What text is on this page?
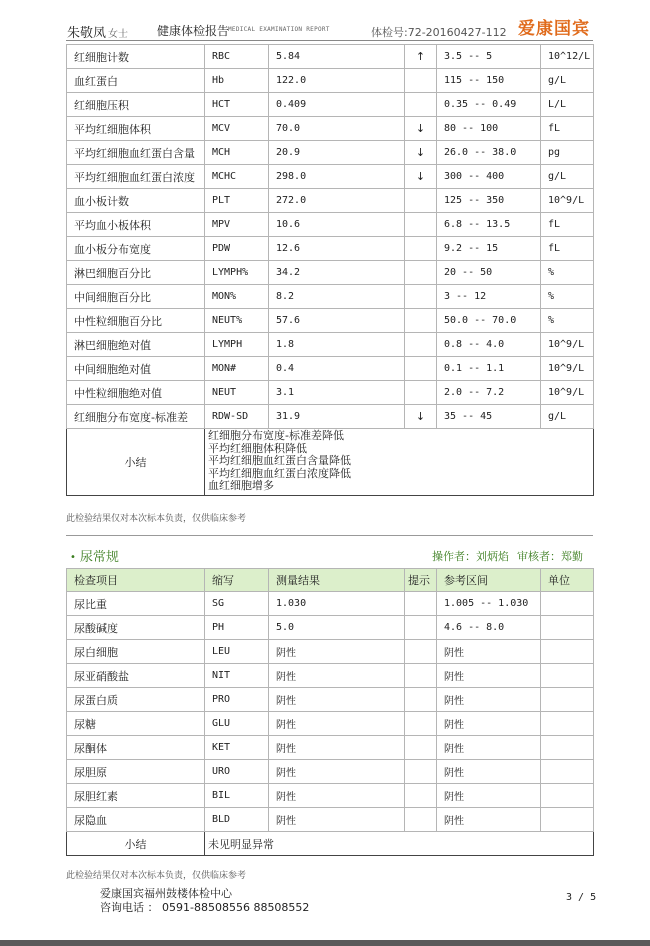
朱敬凤 女士 健康体检报告
MEDICAL EXAMINATION REPORT	体检号:72-20160427-112 爱康国宾
红细胞计数	RBC	5.84	↑	3.5 -- 5	10^12/L
血红蛋白	Hb	122.0		115 -- 150	g/L
红细胞压积	HCT	0.409		0.35 -- 0.49	L/L
平均红细胞体积	MCV	70.0	↓	80 -- 100	fL
平均红细胞血红蛋白含量	MCH	20.9	↓	26.0 -- 38.0	pg
平均红细胞血红蛋白浓度	MCHC	298.0	↓	300 -- 400	g/L
血小板计数	PLT	272.0		125 -- 350	10^9/L
平均血小板体积	MPV	10.6		6.8 -- 13.5	fL
血小板分布宽度	PDW	12.6		9.2 -- 15	fL
淋巴细胞百分比	LYMPH%	34.2		20 -- 50	%
中间细胞百分比	MON%	8.2		3 -- 12	%
中性粒细胞百分比	NEUT%	57.6		50.0 -- 70.0	%
淋巴细胞绝对值	LYMPH	1.8		0.8 -- 4.0	10^9/L
中间细胞绝对值	MON#	0.4		0.1 -- 1.1	10^9/L
中性粒细胞绝对值	NEUT	3.1		2.0 -- 7.2	10^9/L
红细胞分布宽度-标准差	RDW-SD	31.9	↓	35 -- 45	g/L
小结	红细胞分布宽度-标准差降低
平均红细胞体积降低
平均红细胞血红蛋白含量降低
平均红细胞血红蛋白浓度降低
血红细胞增多				
此检验结果仅对本次标本负责，仅供临床参考
• 尿常规	操作者：刘炳焰 审核者：郑勤
检查项目	缩写	测量结果	提示	参考区间	单位
尿比重	SG	1.030		1.005 -- 1.030	
尿酸碱度	PH	5.0		4.6 -- 8.0	
尿白细胞	LEU	阴性		阴性	
尿亚硝酸盐	NIT	阴性		阴性	
尿蛋白质	PRO	阴性		阴性	
尿糖	GLU	阴性		阴性	
尿酮体	KET	阴性		阴性	
尿胆原	URO	阴性		阴性	
尿胆红素	BIL	阴性		阴性	
尿隐血	BLD	阴性		阴性	
小结	未见明显异常				
此检验结果仅对本次标本负责，仅供临床参考
爱康国宾福州鼓楼体检中心
咨询电话 ： 0591-88508556 88508552
3 / 5
